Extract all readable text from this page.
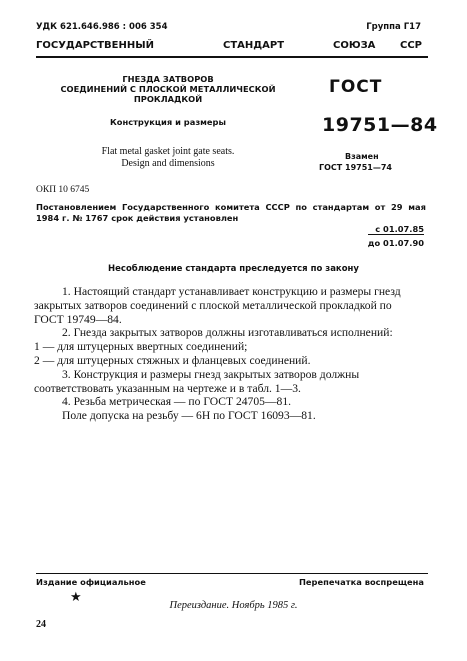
УДК 621.646.986 : 006 354	Группа Г17
ГОСУДАРСТВЕННЫЙ	СТАНДАРТ	СОЮЗА ССР
ГНЕЗДА ЗАТВОРОВ
СОЕДИНЕНИЙ С ПЛОСКОЙ МЕТАЛЛИЧЕСКОЙ
ПРОКЛАДКОЙ
Конструкция и размеры
Flat metal gasket joint gate seats.
Design and dimensions
ГОСТ
19751—84
Взамен
ГОСТ 19751—74
ОКП 10 6745
Постановлением Государственного комитета СССР по стандартам от 29 мая
1984 г. № 1767 срок действия установлен
с 01.07.85
до 01.07.90
Несоблюдение стандарта преследуется по закону
1. Настоящий стандарт устанавливает конструкцию и размеры гнезд закрытых затворов соединений с плоской металлической прокладкой по ГОСТ 19749—84.
2. Гнезда закрытых затворов должны изготавливаться исполнений:
1 — для штуцерных ввертных соединений;
2 — для штуцерных стяжных и фланцевых соединений.
3. Конструкция и размеры гнезд закрытых затворов должны соответствовать указанным на чертеже и в табл. 1—3.
4. Резьба метрическая — по ГОСТ 24705—81.
Поле допуска на резьбу — 6Н по ГОСТ 16093—81.
Издание официальное	Перепечатка воспрещена
★
Переиздание. Ноябрь 1985 г.
24
